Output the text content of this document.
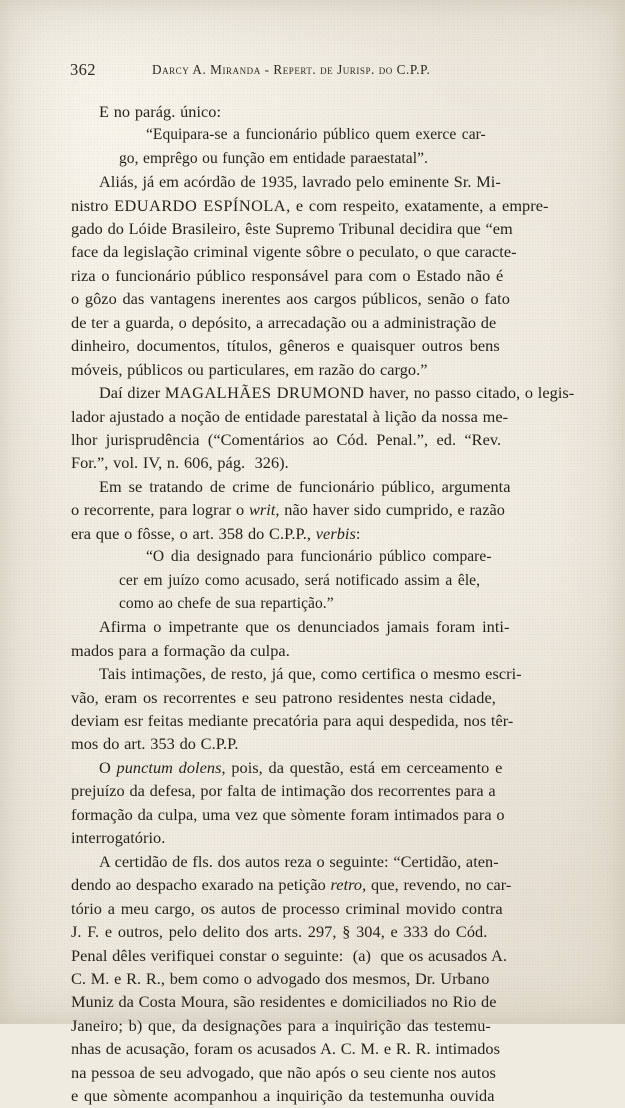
362	Darcy A. Miranda - Repert. de Jurisp. do C.P.P.
E no parág. único:
“Equipara-se a funcionário público quem exerce car-
go, emprêgo ou função em entidade paraestatal”.
Aliás, já em acórdão de 1935, lavrado pelo eminente Sr. Mi-
nistro EDUARDO ESPÍNOLA, e com respeito, exatamente, a empre-
gado do Lóide Brasileiro, êste Supremo Tribunal decidira que “em
face da legislação criminal vigente sôbre o peculato, o que caracte-
riza o funcionário público responsável para com o Estado não é
o gôzo das vantagens inerentes aos cargos públicos, senão o fato
de ter a guarda, o depósito, a arrecadação ou a administração de
dinheiro, documentos, títulos, gêneros e quaisquer outros bens
móveis, públicos ou particulares, em razão do cargo.”
Daí dizer MAGALHÃES DRUMOND haver, no passo citado, o legis-
lador ajustado a noção de entidade parestatal à lição da nossa me-
lhor jurisprudência (“Comentários ao Cód. Penal.”, ed. “Rev.
For.”, vol. IV, n. 606, pág.  326).
Em se tratando de crime de funcionário público, argumenta
o recorrente, para lograr o writ, não haver sido cumprido, e razão
era que o fôsse, o art. 358 do C.P.P., verbis:
“O dia designado para funcionário público compare-
cer em juízo como acusado, será notificado assim a êle,
como ao chefe de sua repartição.”
Afirma o impetrante que os denunciados jamais foram inti-
mados para a formação da culpa.
Tais intimações, de resto, já que, como certifica o mesmo escri-
vão, eram os recorrentes e seu patrono residentes nesta cidade,
deviam esr feitas mediante precatória para aqui despedida, nos têr-
mos do art. 353 do C.P.P.
O punctum dolens, pois, da questão, está em cerceamento e
prejuízo da defesa, por falta de intimação dos recorrentes para a
formação da culpa, uma vez que sòmente foram intimados para o
interrogatório.
A certidão de fls. dos autos reza o seguinte: “Certidão, aten-
dendo ao despacho exarado na petição retro, que, revendo, no car-
tório a meu cargo, os autos de processo criminal movido contra
J. F. e outros, pelo delito dos arts. 297, § 304, e 333 do Cód.
Penal dêles verifiquei constar o seguinte:  (a)  que os acusados A.
C. M. e R. R., bem como o advogado dos mesmos, Dr. Urbano
Muniz da Costa Moura, são residentes e domiciliados no Rio de
Janeiro; b) que, da designações para a inquirição das testemu-
nhas de acusação, foram os acusados A. C. M. e R. R. intimados
na pessoa de seu advogado, que não após o seu ciente nos autos
e que sòmente acompanhou a inquirição da testemunha ouvida
